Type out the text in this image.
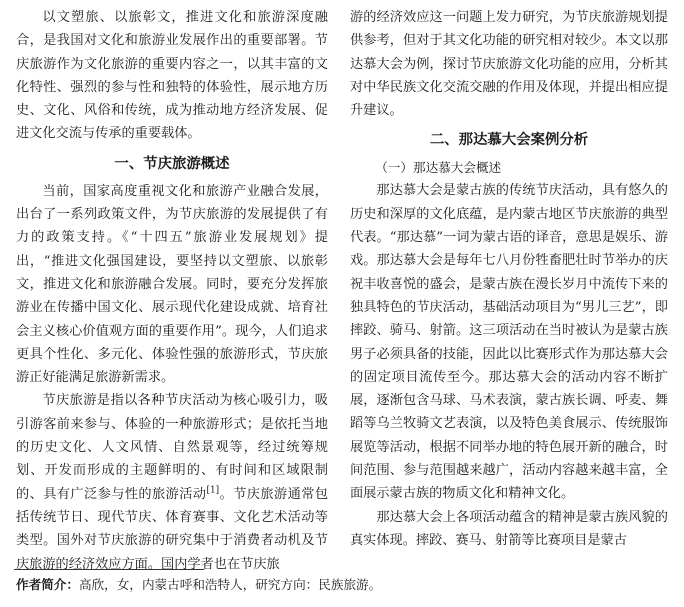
以文塑旅、以旅彰文，推进文化和旅游深度融合，是我国对文化和旅游业发展作出的重要部署。节庆旅游作为文化旅游的重要内容之一，以其丰富的文化特性、强烈的参与性和独特的体验性，展示地方历史、文化、风俗和传统，成为推动地方经济发展、促进文化交流与传承的重要载体。

一、节庆旅游概述

当前，国家高度重视文化和旅游产业融合发展，出台了一系列政策文件，为节庆旅游的发展提供了有力的政策支持。《“十四五”旅游业发展规划》提出，“推进文化强国建设，要坚持以文塑旅、以旅彰文，推进文化和旅游融合发展。同时，要充分发挥旅游业在传播中国文化、展示现代化建设成就、培育社会主义核心价值观方面的重要作用”。现今，人们追求更具个性化、多元化、体验性强的旅游形式，节庆旅游正好能满足旅游新需求。

节庆旅游是指以各种节庆活动为核心吸引力，吸引游客前来参与、体验的一种旅游形式；是依托当地的历史文化、人文风情、自然景观等，经过统筹规划、开发而形成的主题鲜明的、有时间和区域限制的、具有广泛参与性的旅游活动[1]。节庆旅游通常包括传统节日、现代节庆、体育赛事、文化艺术活动等类型。国外对节庆旅游的研究集中于消费者动机及节庆旅游的经济效应方面。国内学者也在节庆旅

游的经济效应这一问题上发力研究，为节庆旅游规划提供参考，但对于其文化功能的研究相对较少。本文以那达慕大会为例，探讨节庆旅游文化功能的应用，分析其对中华民族文化交流交融的作用及体现，并提出相应提升建议。

二、那达慕大会案例分析
（一）那达慕大会概述

那达慕大会是蒙古族的传统节庆活动，具有悠久的历史和深厚的文化底蕴，是内蒙古地区节庆旅游的典型代表。“那达慕”一词为蒙古语的译音，意思是娱乐、游戏。那达慕大会是每年七八月份牲畜肥壮时节举办的庆祝丰收喜悦的盛会，是蒙古族在漫长岁月中流传下来的独具特色的节庆活动，基础活动项目为“男儿三艺”，即摔跤、骑马、射箭。这三项活动在当时被认为是蒙古族男子必须具备的技能，因此以比赛形式作为那达慕大会的固定项目流传至今。那达慕大会的活动内容不断扩展，逐渐包含马球、马术表演，蒙古族长调、呼麦、舞蹈等乌兰牧骑文艺表演，以及特色美食展示、传统服饰展览等活动，根据不同举办地的特色展开新的融合，时间范围、参与范围越来越广，活动内容越来越丰富，全面展示蒙古族的物质文化和精神文化。

那达慕大会上各项活动蕴含的精神是蒙古族风貌的真实体现。摔跤、赛马、射箭等比赛项目是蒙古

作者简介：高欣，女，内蒙古呼和浩特人，研究方向：民族旅游。
